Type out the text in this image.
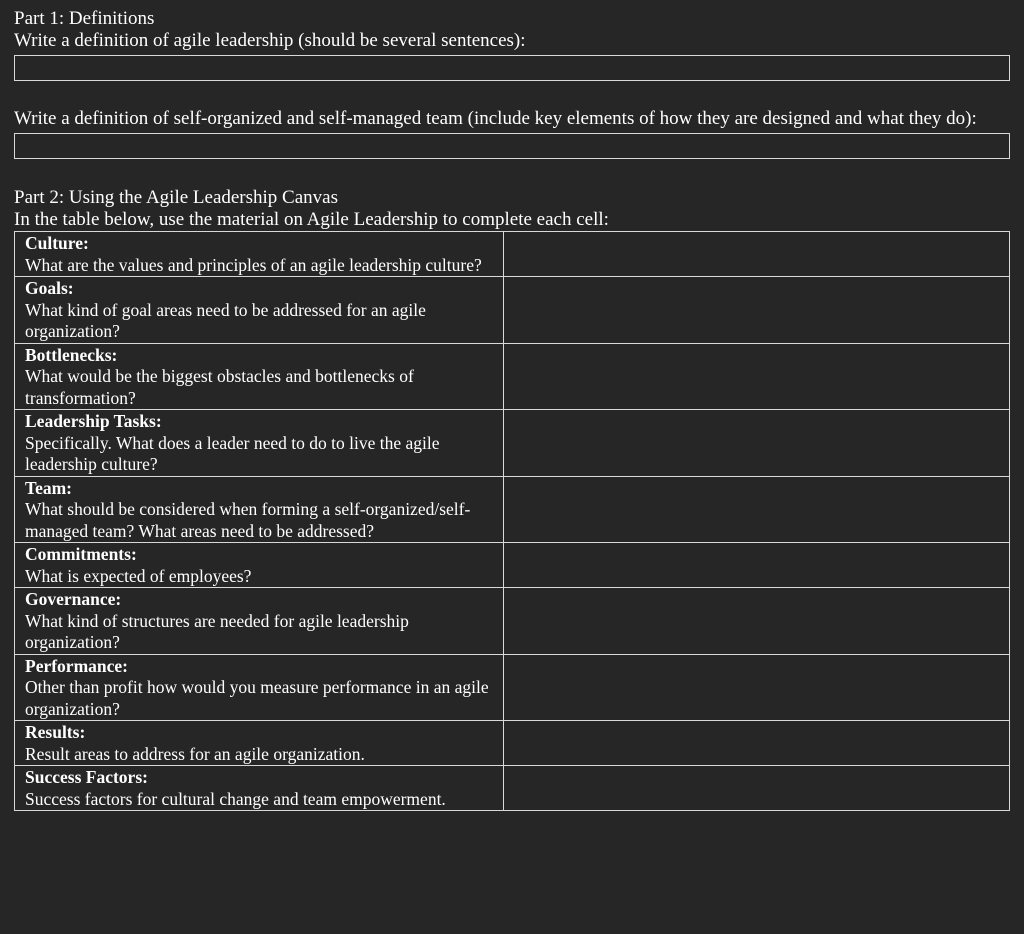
Part 1: Definitions

Write a definition of agile leadership (should be several sentences):

Write a definition of self-organized and self-managed team (include key elements of how they are designed and what they do):

Part 2: Using the Agile Leadership Canvas

In the table below, use the material on Agile Leadership to complete each cell:

Culture:
What are the values and principles of an agile leadership culture?	

Goals:
What kind of goal areas need to be addressed for an agile organization?	

Bottlenecks:
What would be the biggest obstacles and bottlenecks of transformation?	

Leadership Tasks:
Specifically. What does a leader need to do to live the agile leadership culture?	

Team:
What should be considered when forming a self-organized/self-managed team? What areas need to be addressed?	

Commitments:
What is expected of employees?	

Governance:
What kind of structures are needed for agile leadership organization?	

Performance:
Other than profit how would you measure performance in an agile organization?	

Results:
Result areas to address for an agile organization.	

Success Factors:
Success factors for cultural change and team empowerment.	
